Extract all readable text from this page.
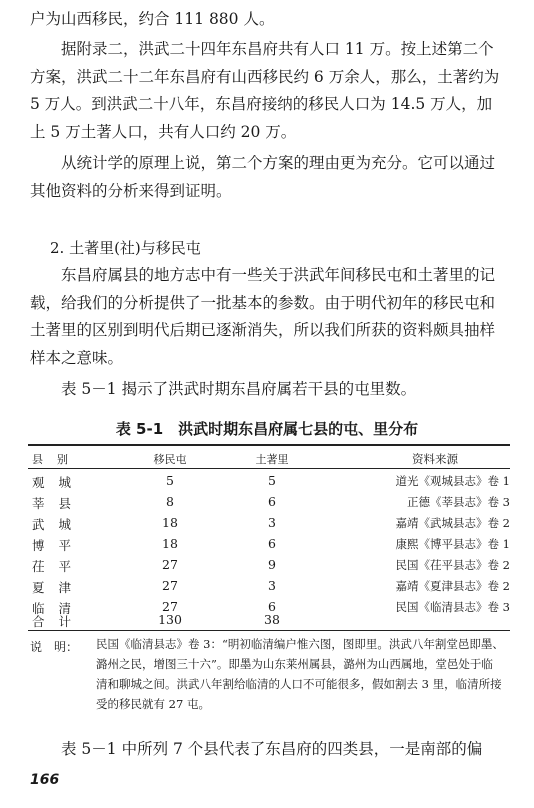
户为山西移民，约合 111 880 人。

据附录二，洪武二十四年东昌府共有人口 11 万。按上述第二个方案，洪武二十二年东昌府有山西移民约 6 万余人，那么，土著约为 5 万人。到洪武二十八年，东昌府接纳的移民人口为 14.5 万人，加上 5 万土著人口，共有人口约 20 万。

从统计学的原理上说，第二个方案的理由更为充分。它可以通过其他资料的分析来得到证明。

2. 土著里(社)与移民屯

东昌府属县的地方志中有一些关于洪武年间移民屯和土著里的记载，给我们的分析提供了一批基本的参数。由于明代初年的移民屯和土著里的区别到明代后期已逐渐消失，所以我们所获的资料颇具抽样样本之意味。

表 5－1 揭示了洪武时期东昌府属若干县的屯里数。

表 5-1　洪武时期东昌府属七县的屯、里分布
县别	移民屯	土著里	资料来源
观城	5	5	道光《观城县志》卷 1
莘县	8	6	正德《莘县志》卷 3
武城	18	3	嘉靖《武城县志》卷 2
博平	18	6	康熙《博平县志》卷 1
茌平	27	9	民国《茌平县志》卷 2
夏津	27	3	嘉靖《夏津县志》卷 2
临清	27	6	民国《临清县志》卷 3
合计	130	38
说　明： 民国《临清县志》卷 3：“明初临清编户惟六图，图即里。洪武八年割堂邑即墨、潞州之民，增图三十六”。即墨为山东莱州属县，潞州为山西属地，堂邑处于临清和聊城之间。洪武八年割给临清的人口不可能很多，假如割去 3 里，临清所接受的移民就有 27 屯。

表 5－1 中所列 7 个县代表了东昌府的四类县，一是南部的偏

166
